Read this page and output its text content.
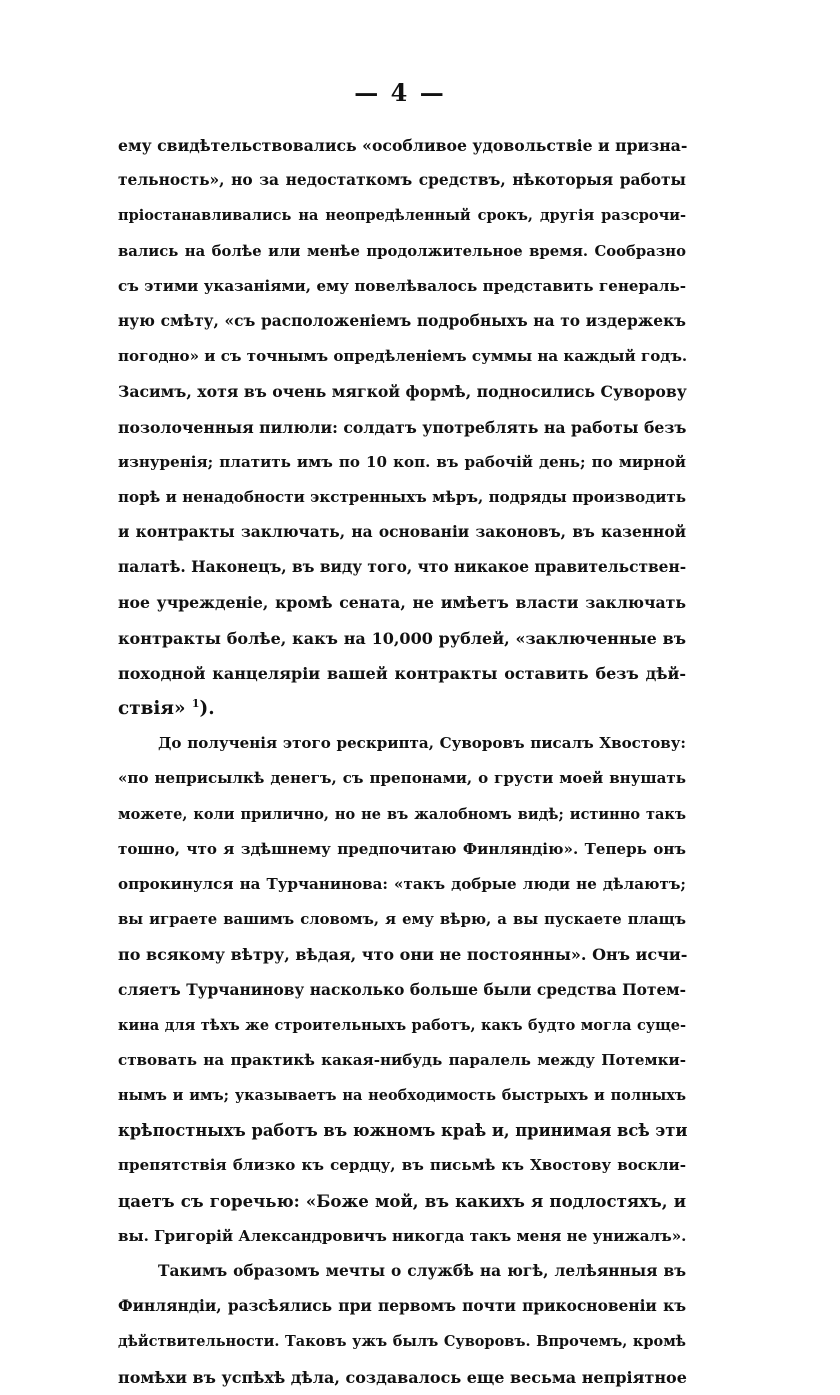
— 4 —
ему свидѣтельствовались «особливое удовольствіе и призна-
тельность», но за недостаткомъ средствъ, нѣкоторыя работы
пріостанавливались на неопредѣленный срокъ, другія разсрочи-
вались на болѣе или менѣе продолжительное время. Сообразно
съ этими указаніями, ему повелѣвалось представить генераль-
ную смѣту, «съ расположеніемъ подробныхъ на то издержекъ
погодно» и съ точнымъ опредѣленіемъ суммы на каждый годъ.
Засимъ, хотя въ очень мягкой формѣ, подносились Суворову
позолоченныя пилюли: солдатъ употреблять на работы безъ
изнуренія; платить имъ по 10 коп. въ рабочій день; по мирной
порѣ и ненадобности экстренныхъ мѣръ, подряды производить
и контракты заключать, на основаніи законовъ, въ казенной
палатѣ. Наконецъ, въ виду того, что никакое правительствен-
ное учрежденіе, кромѣ сената, не имѣетъ власти заключать
контракты болѣе, какъ на 10,000 рублей, «заключенные въ
походной канцеляріи вашей контракты оставить безъ дѣй-
ствія» $^1$).
До полученія этого рескрипта, Суворовъ писалъ Хвостову:
«по неприсылкѣ денегъ, съ препонами, о грусти моей внушать
можете, коли прилично, но не въ жалобномъ видѣ; истинно такъ
тошно, что я здѣшнему предпочитаю Финляндію». Теперь онъ
опрокинулся на Турчанинова: «такъ добрые люди не дѣлаютъ;
вы играете вашимъ словомъ, я ему вѣрю, а вы пускаете плащъ
по всякому вѣтру, вѣдая, что они не постоянны». Онъ исчи-
сляетъ Турчанинову насколько больше были средства Потем-
кина для тѣхъ же строительныхъ работъ, какъ будто могла суще-
ствовать на практикѣ какая-нибудь паралель между Потемки-
нымъ и имъ; указываетъ на необходимость быстрыхъ и полныхъ
крѣпостныхъ работъ въ южномъ краѣ и, принимая всѣ эти
препятствія близко къ сердцу, въ письмѣ къ Хвостову воскли-
цаетъ съ горечью: «Боже мой, въ какихъ я подлостяхъ, и
вы. Григорій Александровичъ никогда такъ меня не унижалъ».
Такимъ образомъ мечты о службѣ на югѣ, лелѣянныя въ
Финляндіи, разсѣялись при первомъ почти прикосновеніи къ
дѣйствительности. Таковъ ужъ былъ Суворовъ. Впрочемъ, кромѣ
помѣхи въ успѣхѣ дѣла, создавалось еще весьма непріятное
